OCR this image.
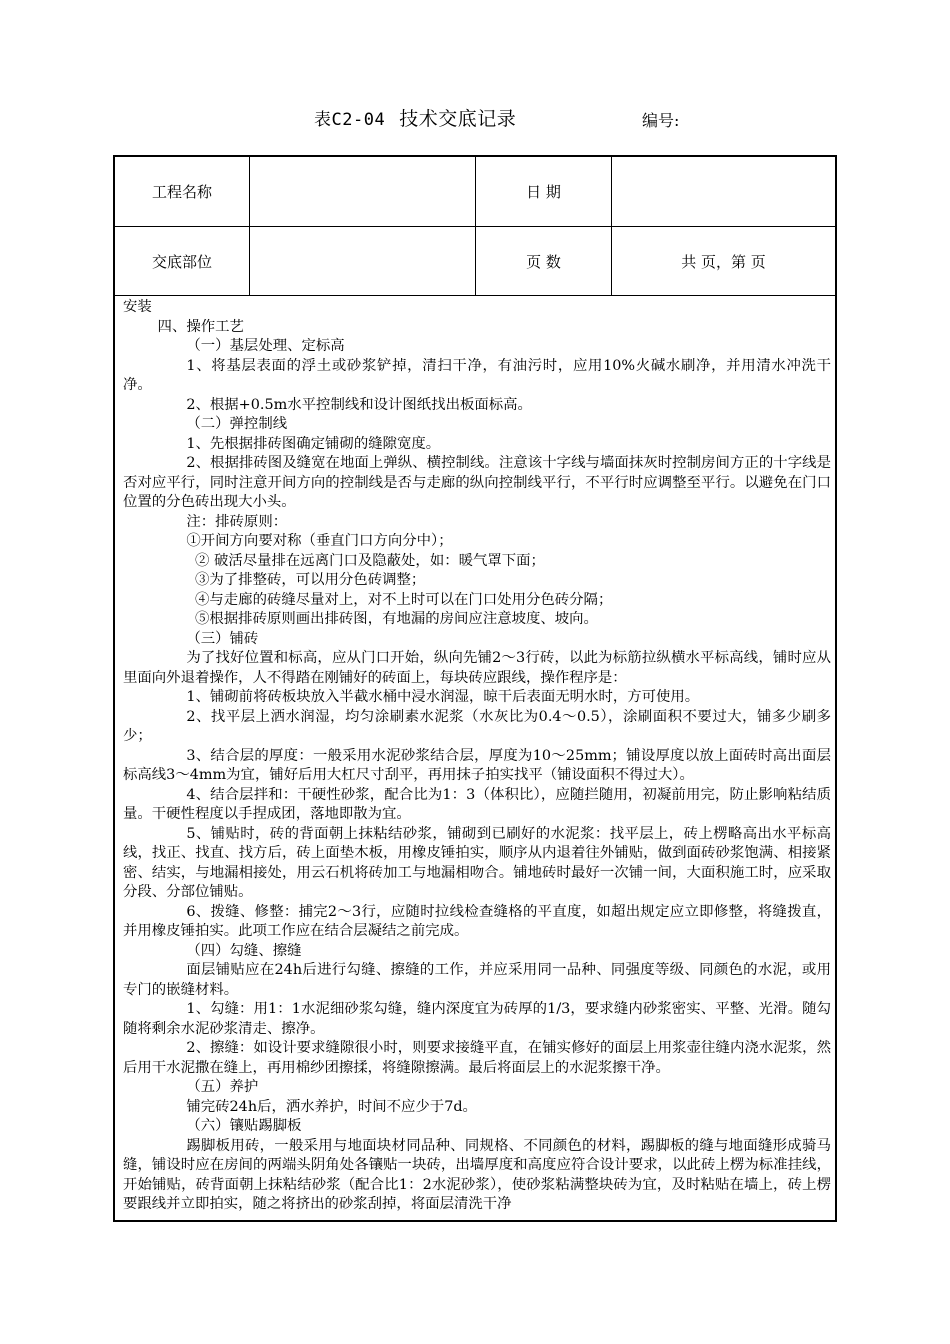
表C2-04 技术交底记录	编号:
工程名称	日 期
交底部位	页 数	共 页，第 页

安装

四、操作工艺

（一）基层处理、定标高

1、将基层表面的浮土或砂浆铲掉，清扫干净，有油污时，应用10%火碱水刷净，并用清水冲洗干净。

2、根据+0.5m水平控制线和设计图纸找出板面标高。

（二）弹控制线

1、先根据排砖图确定铺砌的缝隙宽度。

2、根据排砖图及缝宽在地面上弹纵、横控制线。注意该十字线与墙面抹灰时控制房间方正的十字线是否对应平行，同时注意开间方向的控制线是否与走廊的纵向控制线平行，不平行时应调整至平行。以避免在门口位置的分色砖出现大小头。

注：排砖原则：

①开间方向要对称（垂直门口方向分中）；

② 破活尽量排在远离门口及隐蔽处，如：暖气罩下面；

③为了排整砖，可以用分色砖调整；

④与走廊的砖缝尽量对上，对不上时可以在门口处用分色砖分隔；

⑤根据排砖原则画出排砖图，有地漏的房间应注意坡度、坡向。

（三）铺砖

为了找好位置和标高，应从门口开始，纵向先铺2～3行砖，以此为标筋拉纵横水平标高线，铺时应从里面向外退着操作，人不得踏在刚铺好的砖面上，每块砖应跟线，操作程序是：

1、铺砌前将砖板块放入半截水桶中浸水润湿，晾干后表面无明水时，方可使用。

2、找平层上洒水润湿，均匀涂刷素水泥浆（水灰比为0.4～0.5），涂刷面积不要过大，铺多少刷多少；

3、结合层的厚度：一般采用水泥砂浆结合层，厚度为10～25mm；铺设厚度以放上面砖时高出面层标高线3～4mm为宜，铺好后用大杠尺寸刮平，再用抹子拍实找平（铺设面积不得过大）。

4、结合层拌和：干硬性砂浆，配合比为1：3（体积比），应随拦随用，初凝前用完，防止影响粘结质量。干硬性程度以手捏成团，落地即散为宜。

5、铺贴时，砖的背面朝上抹粘结砂浆，铺砌到已刷好的水泥浆：找平层上，砖上楞略高出水平标高线，找正、找直、找方后，砖上面垫木板，用橡皮锤拍实，顺序从内退着往外铺贴，做到面砖砂浆饱满、相接紧密、结实，与地漏相接处，用云石机将砖加工与地漏相吻合。铺地砖时最好一次铺一间，大面积施工时，应采取分段、分部位铺贴。

6、拨缝、修整：捕完2～3行，应随时拉线检查缝格的平直度，如超出规定应立即修整，将缝拨直，并用橡皮锤拍实。此项工作应在结合层凝结之前完成。

（四）勾缝、擦缝

面层铺贴应在24h后进行勾缝、擦缝的工作，并应采用同一品种、同强度等级、同颜色的水泥，或用专门的嵌缝材料。

1、勾缝：用1：1水泥细砂浆勾缝，缝内深度宜为砖厚的1/3，要求缝内砂浆密实、平整、光滑。随勾随将剩余水泥砂浆清走、擦净。

2、擦缝：如设计要求缝隙很小时，则要求接缝平直，在铺实修好的面层上用浆壶往缝内浇水泥浆，然后用干水泥撒在缝上，再用棉纱团擦揉，将缝隙擦满。最后将面层上的水泥浆擦干净。

（五）养护

铺完砖24h后，洒水养护，时间不应少于7d。

（六）镶贴踢脚板

踢脚板用砖，一般采用与地面块材同品种、同规格、不同颜色的材料，踢脚板的缝与地面缝形成骑马缝，铺设时应在房间的两端头阴角处各镶贴一块砖，出墙厚度和高度应符合设计要求，以此砖上楞为标准挂线，开始铺贴，砖背面朝上抹粘结砂浆（配合比1：2水泥砂浆），使砂浆粘满整块砖为宜，及时粘贴在墙上，砖上楞要跟线并立即拍实，随之将挤出的砂浆刮掉，将面层清洗干净
